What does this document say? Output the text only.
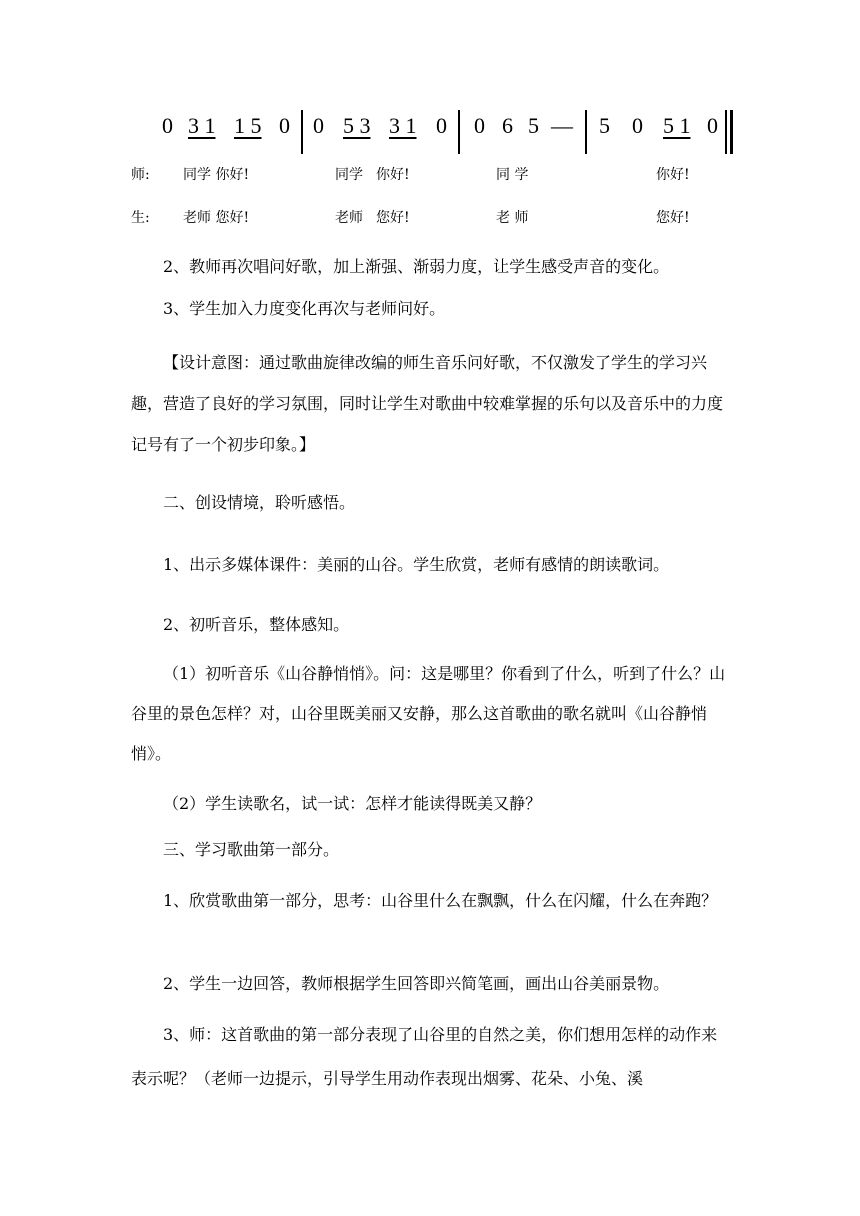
0 3 1 1 5 0 0 5 3 3 1 0 0 6 5 — 5 0 5 1 0
师: 同学 你好!	同学 你好!	同 学	你好!
生: 老师 您好!	老师 您好!	老 师	您好!
2、教师再次唱问好歌，加上渐强、渐弱力度，让学生感受声音的变化。
3、学生加入力度变化再次与老师问好。
【设计意图：通过歌曲旋律改编的师生音乐问好歌，不仅激发了学生的学习兴趣，营造了良好的学习氛围，同时让学生对歌曲中较难掌握的乐句以及音乐中的力度记号有了一个初步印象。】
二、创设情境，聆听感悟。
1、出示多媒体课件：美丽的山谷。学生欣赏，老师有感情的朗读歌词。
2、初听音乐，整体感知。
（1）初听音乐《山谷静悄悄》。问：这是哪里？你看到了什么，听到了什么？山谷里的景色怎样？对，山谷里既美丽又安静，那么这首歌曲的歌名就叫《山谷静悄悄》。
（2）学生读歌名，试一试：怎样才能读得既美又静？
三、学习歌曲第一部分。
1、欣赏歌曲第一部分，思考：山谷里什么在飘飘，什么在闪耀，什么在奔跑？
2、学生一边回答，教师根据学生回答即兴简笔画，画出山谷美丽景物。
3、师：这首歌曲的第一部分表现了山谷里的自然之美，你们想用怎样的动作来表示呢？（老师一边提示，引导学生用动作表现出烟雾、花朵、小兔、溪
